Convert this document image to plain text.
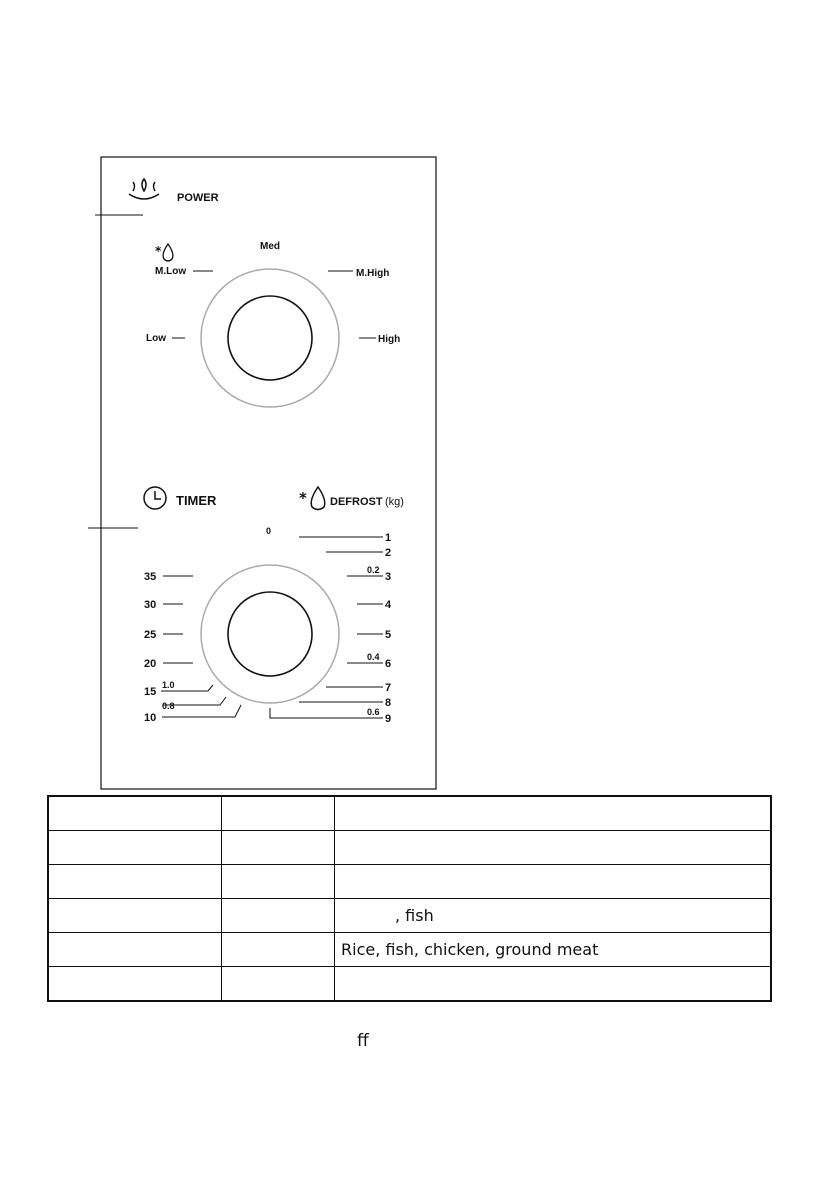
POWER
Med
*
M.Low	M.High
Low	High
TIMER	* DEFROST (kg)
0
35
30
25
20
15
10
1.0
0.8
1
2
0.2
3
4
5
0.4
6
7
8
0.6
9

		, fish
		Rice, fish, chicken, ground meat

ff
